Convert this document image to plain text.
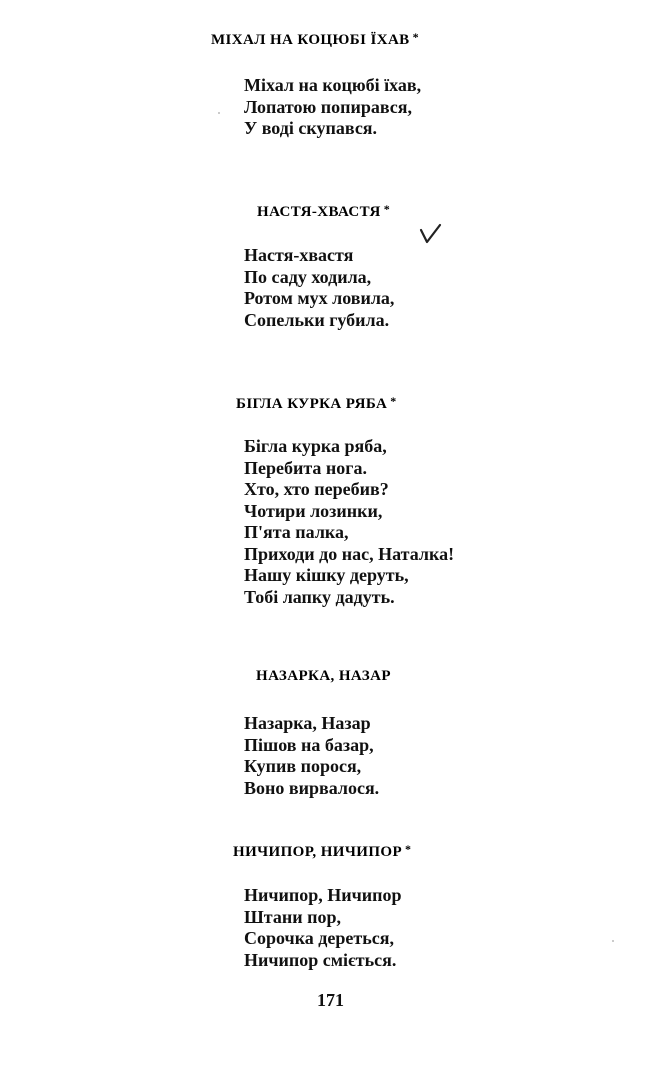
МІХАЛ НА КОЦЮБІ ЇХАВ *
Міхал на коцюбі їхав,
Лопатою попирався,
У воді скупався.
НАСТЯ-ХВАСТЯ *
Настя-хвастя
По саду ходила,
Ротом мух ловила,
Сопельки губила.
БІГЛА КУРКА РЯБА *
Бігла курка ряба,
Перебита нога.
Хто, хто перебив?
Чотири лозинки,
П'ята палка,
Приходи до нас, Наталка!
Нашу кішку деруть,
Тобі лапку дадуть.
НАЗАРКА, НАЗАР
Назарка, Назар
Пішов на базар,
Купив порося,
Воно вирвалося.
НИЧИПОР, НИЧИПОР *
Ничипор, Ничипор
Штани пор,
Сорочка дереться,
Ничипор сміється.
171
